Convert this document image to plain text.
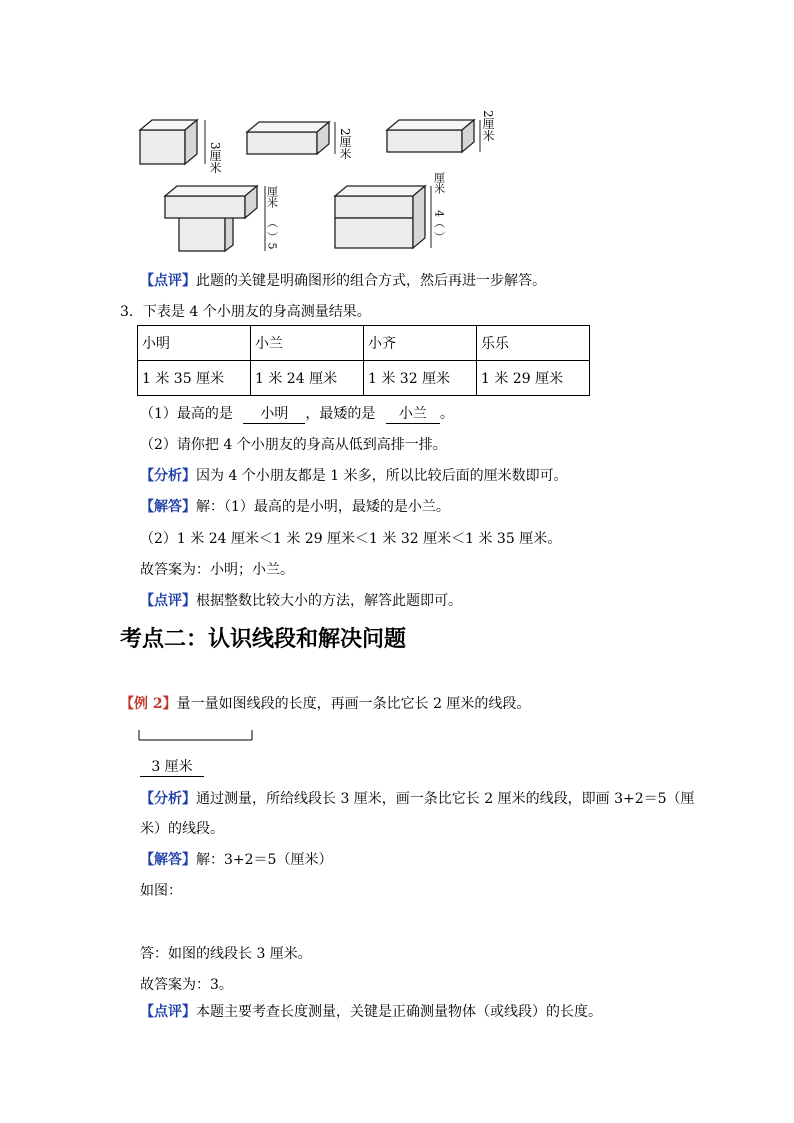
3厘米	2厘米
2厘米
厘米
（ ）5
厘米
4（ ）
【点评】此题的关键是明确图形的组合方式，然后再进一步解答。
3．下表是 4 个小朋友的身高测量结果。
小明	小兰	小齐	乐乐
1 米 35 厘米	1 米 24 厘米	1 米 32 厘米	1 米 29 厘米
（1）最高的是 小明 ，最矮的是 小兰 。
（2）请你把 4 个小朋友的身高从低到高排一排。
【分析】因为 4 个小朋友都是 1 米多，所以比较后面的厘米数即可。
【解答】解：（1）最高的是小明，最矮的是小兰。
（2）1 米 24 厘米＜1 米 29 厘米＜1 米 32 厘米＜1 米 35 厘米。
故答案为：小明；小兰。
【点评】根据整数比较大小的方法，解答此题即可。
考点二：认识线段和解决问题
【例 2】量一量如图线段的长度，再画一条比它长 2 厘米的线段。
3 厘米
【分析】通过测量，所给线段长 3 厘米，画一条比它长 2 厘米的线段，即画 3+2＝5（厘
米）的线段。
【解答】解：3+2＝5（厘米）
如图：
答：如图的线段长 3 厘米。
故答案为：3。
【点评】本题主要考查长度测量，关键是正确测量物体（或线段）的长度。
